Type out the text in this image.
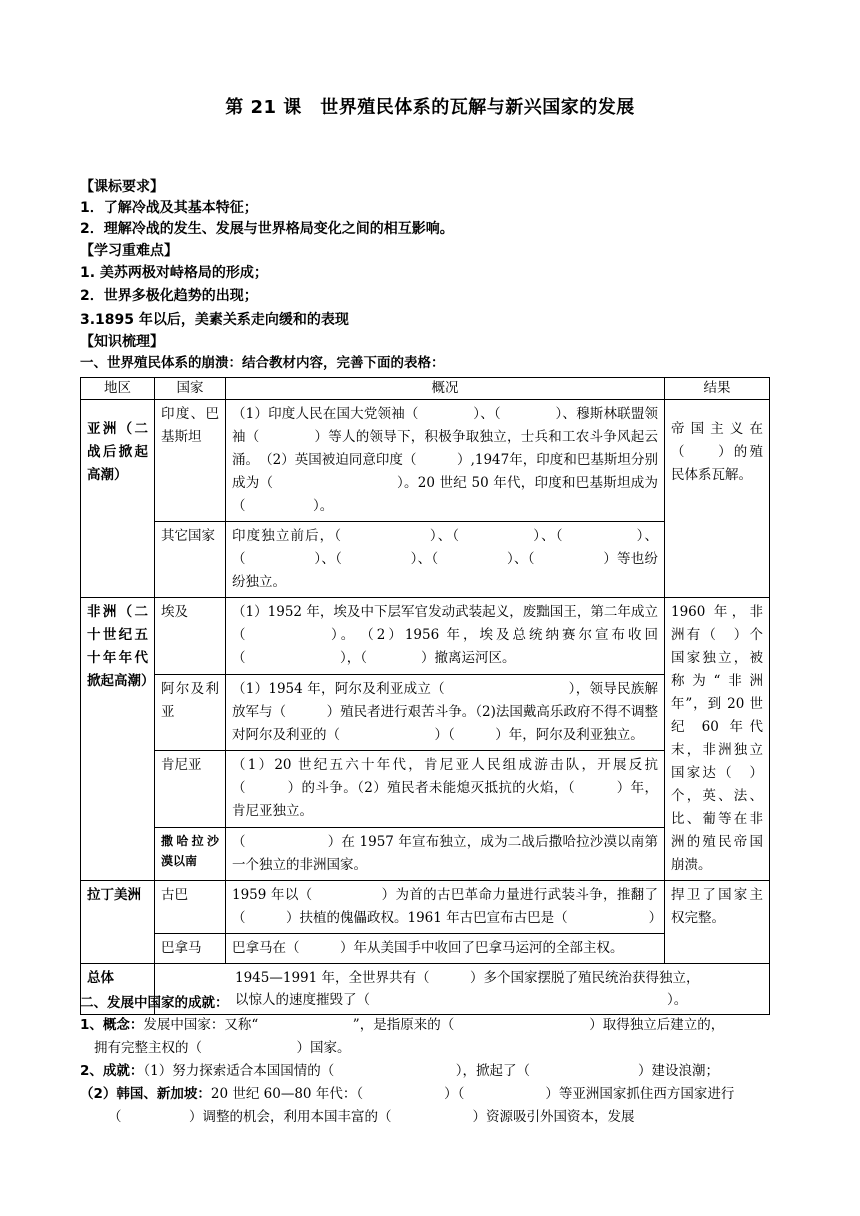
第 21 课　世界殖民体系的瓦解与新兴国家的发展
【课标要求】
1．了解冷战及其基本特征；
2．理解冷战的发生、发展与世界格局变化之间的相互影响。
【学习重难点】
1. 美苏两极对峙格局的形成；
2．世界多极化趋势的出现；
3.1895 年以后，美素关系走向缓和的表现
【知识梳理】
一、世界殖民体系的崩溃：结合教材内容，完善下面的表格：
地区	国家	概况	结果
亚洲（二战后掀起高潮）	印度、巴基斯坦	（1）印度人民在国大党领袖（　　　　）、（　　　　）、穆斯林联盟领袖（　　　　）等人的领导下，积极争取独立，士兵和工农斗争风起云涌。　（2）英国被迫同意印度（　　　）,1947年，印度和巴基斯坦分别成为（　　　　　　　　　）。20 世纪 50 年代，印度和巴基斯坦成为（　　　　　）。	帝国主义在（　　）的殖民体系瓦解。
	其它国家	印度独立前后，（　　　　　　）、（　　　　　）、（　　　　　）、（　　　　　）、（　　　　　）、（　　　　　）、（　　　　　）等也纷纷独立。	
非洲（二十世纪五十年年代掀起高潮）	埃及	（1）1952 年，埃及中下层军官发动武装起义，废黜国王，第二年成立（　　　　　）。　（2）1956 年，埃及总统纳赛尔宣布收回（　　　　　　　），（　　　　）撤离运河区。	1960 年，非洲有（　）个国家独立，被称为“非洲年”，到 20 世纪 60 年代末，非洲独立国家达（　）个，英、法、比、葡等在非洲的殖民帝国崩溃。
	阿尔及利亚	（1）1954 年，阿尔及利亚成立（　　　　　　　　　），领导民族解放军与（　　　）殖民者进行艰苦斗争。（2)法国戴高乐政府不得不调整对阿尔及利亚的（　　　　　　　）（　　　）年，阿尔及利亚独立。	
	肯尼亚	（1）20 世纪五六十年代，肯尼亚人民组成游击队，开展反抗（　　　）的斗争。（2）殖民者未能熄灭抵抗的火焰，（　　　）年，肯尼亚独立。	
	撒哈拉沙漠以南	（　　　　　　）在 1957 年宣布独立，成为二战后撒哈拉沙漠以南第一个独立的非洲国家。	
拉丁美洲	古巴	1959 年以（　　　　　）为首的古巴革命力量进行武装斗争，推翻了（　　　）扶植的傀儡政权。1961 年古巴宣布古巴是（　　　　　　）	捍卫了国家主权完整。
	巴拿马	巴拿马在（　　　）年从美国手中收回了巴拿马运河的全部主权。	
总体	1945—1991 年，全世界共有（　　　）多个国家摆脱了殖民统治获得独立，
以惊人的速度摧毁了（　　　　　　　　　　　　　　　　　　　　　　）。		
二、发展中国家的成就：
1、概念：发展中国家：又称“　　　　　　　”，是指原来的（　　　　　　　　　　）取得独立后建立的，
拥有完整主权的（　　　　　　　）国家。
2、成就：（1）努力探索适合本国国情的（　　　　　　　　　），掀起了（　　　　　　　　）建设浪潮；
（2）韩国、新加坡：20 世纪 60—80 年代：（　　　　　　）（　　　　　　）等亚洲国家抓住西方国家进行
（　　　　　）调整的机会，利用本国丰富的（　　　　　　）资源吸引外国资本，发展
